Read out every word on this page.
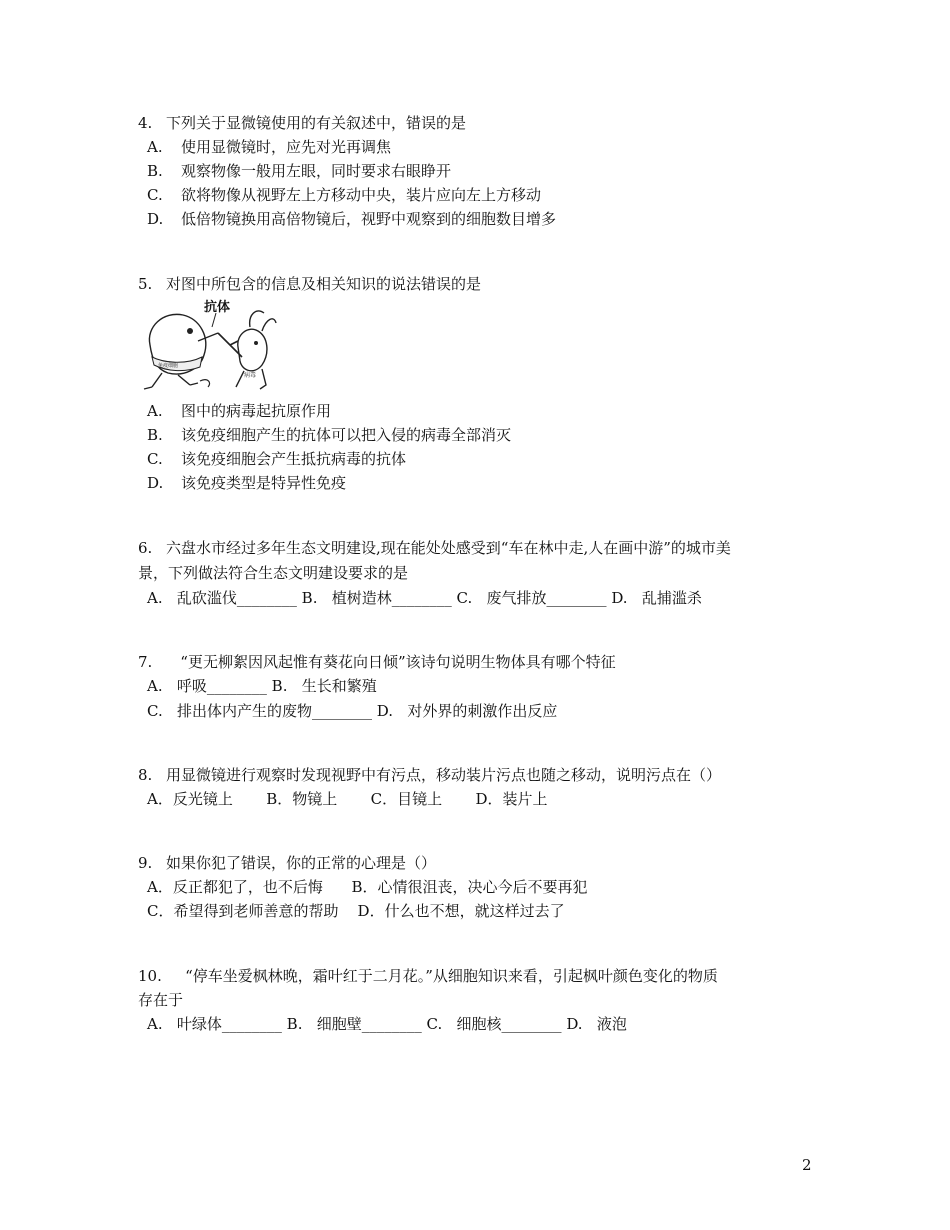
4. 下列关于显微镜使用的有关叙述中，错误的是
A. 使用显微镜时，应先对光再调焦
B. 观察物像一般用左眼，同时要求右眼睁开
C. 欲将物像从视野左上方移动中央，装片应向左上方移动
D. 低倍物镜换用高倍物镜后，视野中观察到的细胞数目增多
5. 对图中所包含的信息及相关知识的说法错误的是
免疫细胞
抗体
病毒
A. 图中的病毒起抗原作用
B. 该免疫细胞产生的抗体可以把入侵的病毒全部消灭
C. 该免疫细胞会产生抵抗病毒的抗体
D. 该免疫类型是特异性免疫
6. 六盘水市经过多年生态文明建设,现在能处处感受到“车在林中走,人在画中游”的城市美
景，下列做法符合生态文明建设要求的是
A.   乱砍滥伐________ B.   植树造林________ C.   废气排放________ D.   乱捕滥杀
7.   “更无柳絮因风起惟有葵花向日倾”该诗句说明生物体具有哪个特征
A.   呼吸________ B.   生长和繁殖
C.   排出体内产生的废物________ D.   对外界的刺激作出反应
8. 用显微镜进行观察时发现视野中有污点，移动装片污点也随之移动，说明污点在（）
A．反光镜上       B．物镜上       C．目镜上       D．装片上
9. 如果你犯了错误，你的正常的心理是（）
A．反正都犯了，也不后悔      B．心情很沮丧，决心今后不要再犯
C．希望得到老师善意的帮助    D．什么也不想，就这样过去了
10.    “停车坐爱枫林晚，霜叶红于二月花。”从细胞知识来看，引起枫叶颜色变化的物质
存在于
A.   叶绿体________ B.   细胞壁________ C.   细胞核________ D.   液泡
2
